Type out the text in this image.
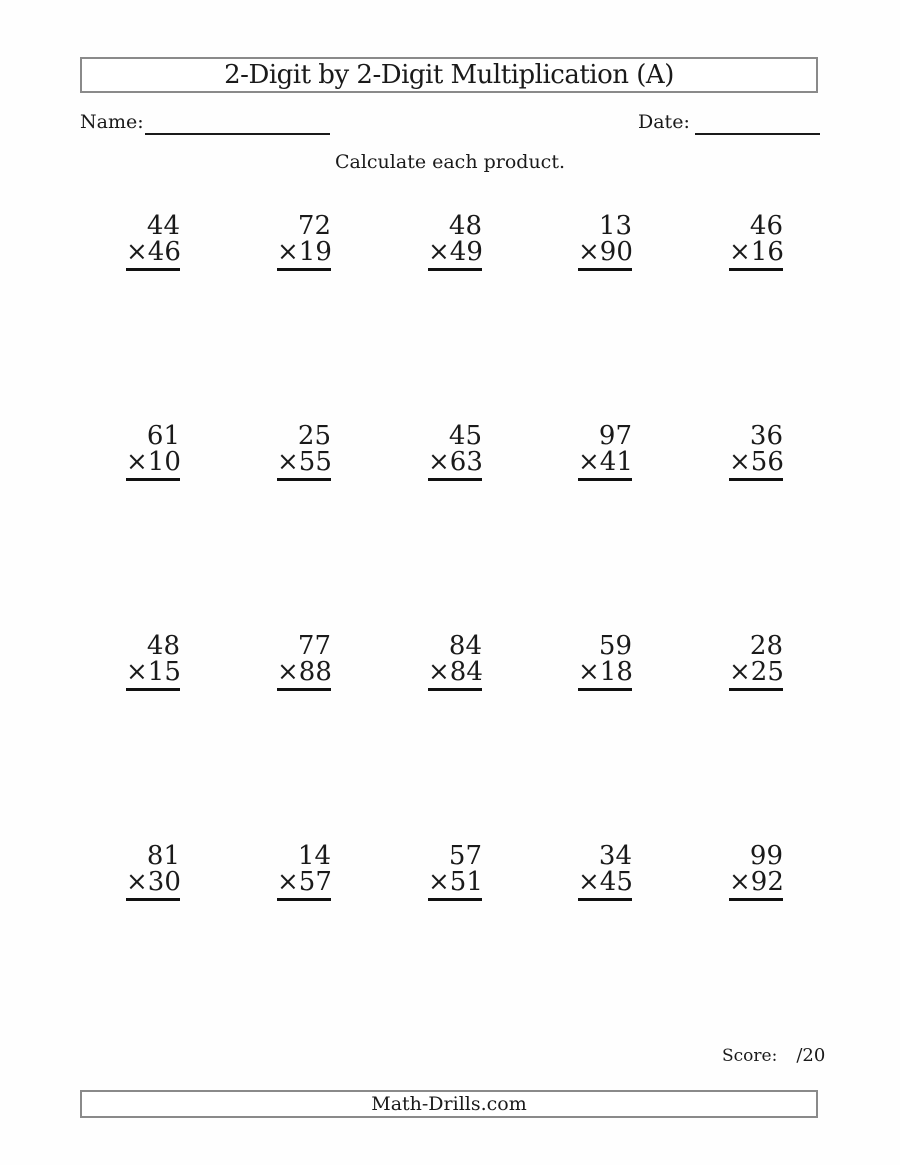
2-Digit by 2-Digit Multiplication (A)
Name:	Date:
Calculate each product.
44
× 46
72
× 19
48
× 49
13
× 90
46
× 16
61
× 10
25
× 55
45
× 63
97
× 41
36
× 56
48
× 15
77
× 88
84
× 84
59
× 18
28
× 25
81
× 30
14
× 57
57
× 51
34
× 45
99
× 92
Score: /20
Math-Drills.com
